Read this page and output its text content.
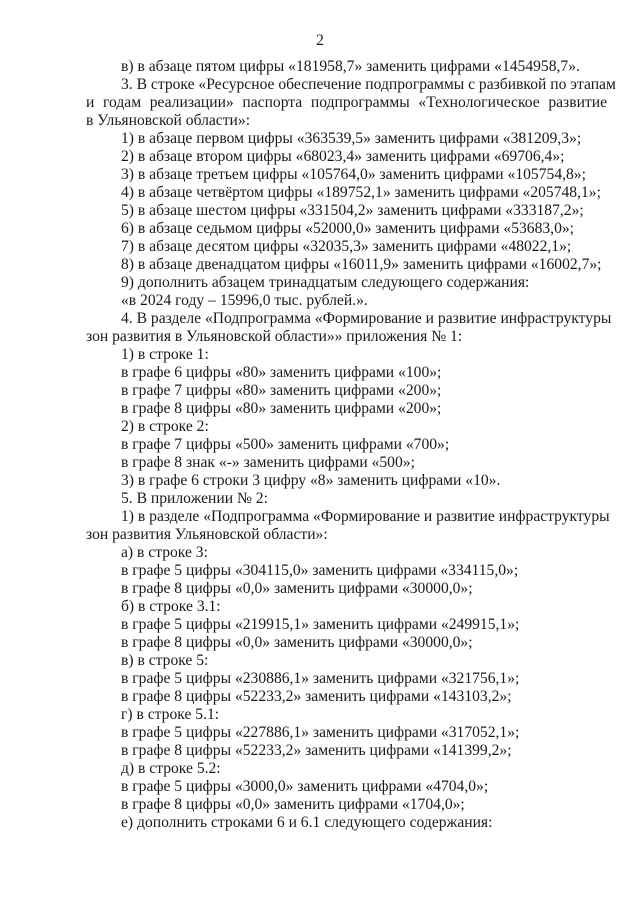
2
в) в абзаце пятом цифры «181958,7» заменить цифрами «1454958,7».
3. В строке «Ресурсное обеспечение подпрограммы с разбивкой по этапам
и годам реализации» паспорта подпрограммы «Технологическое развитие
в Ульяновской области»:
1) в абзаце первом цифры «363539,5» заменить цифрами «381209,3»;
2) в абзаце втором цифры «68023,4» заменить цифрами «69706,4»;
3) в абзаце третьем цифры «105764,0» заменить цифрами «105754,8»;
4) в абзаце четвёртом цифры «189752,1» заменить цифрами «205748,1»;
5) в абзаце шестом цифры «331504,2» заменить цифрами «333187,2»;
6) в абзаце седьмом цифры «52000,0» заменить цифрами «53683,0»;
7) в абзаце десятом цифры «32035,3» заменить цифрами «48022,1»;
8) в абзаце двенадцатом цифры «16011,9» заменить цифрами «16002,7»;
9) дополнить абзацем тринадцатым следующего содержания:
«в 2024 году – 15996,0 тыс. рублей.».
4. В разделе «Подпрограмма «Формирование и развитие инфраструктуры
зон развития в Ульяновской области»» приложения № 1:
1) в строке 1:
в графе 6 цифры «80» заменить цифрами «100»;
в графе 7 цифры «80» заменить цифрами «200»;
в графе 8 цифры «80» заменить цифрами «200»;
2) в строке 2:
в графе 7 цифры «500» заменить цифрами «700»;
в графе 8 знак «-» заменить цифрами «500»;
3) в графе 6 строки 3 цифру «8» заменить цифрами «10».
5. В приложении № 2:
1) в разделе «Подпрограмма «Формирование и развитие инфраструктуры
зон развития Ульяновской области»:
а) в строке 3:
в графе 5 цифры «304115,0» заменить цифрами «334115,0»;
в графе 8 цифры «0,0» заменить цифрами «30000,0»;
б) в строке 3.1:
в графе 5 цифры «219915,1» заменить цифрами «249915,1»;
в графе 8 цифры «0,0» заменить цифрами «30000,0»;
в) в строке 5:
в графе 5 цифры «230886,1» заменить цифрами «321756,1»;
в графе 8 цифры «52233,2» заменить цифрами «143103,2»;
г) в строке 5.1:
в графе 5 цифры «227886,1» заменить цифрами «317052,1»;
в графе 8 цифры «52233,2» заменить цифрами «141399,2»;
д) в строке 5.2:
в графе 5 цифры «3000,0» заменить цифрами «4704,0»;
в графе 8 цифры «0,0» заменить цифрами «1704,0»;
е) дополнить строками 6 и 6.1 следующего содержания:
